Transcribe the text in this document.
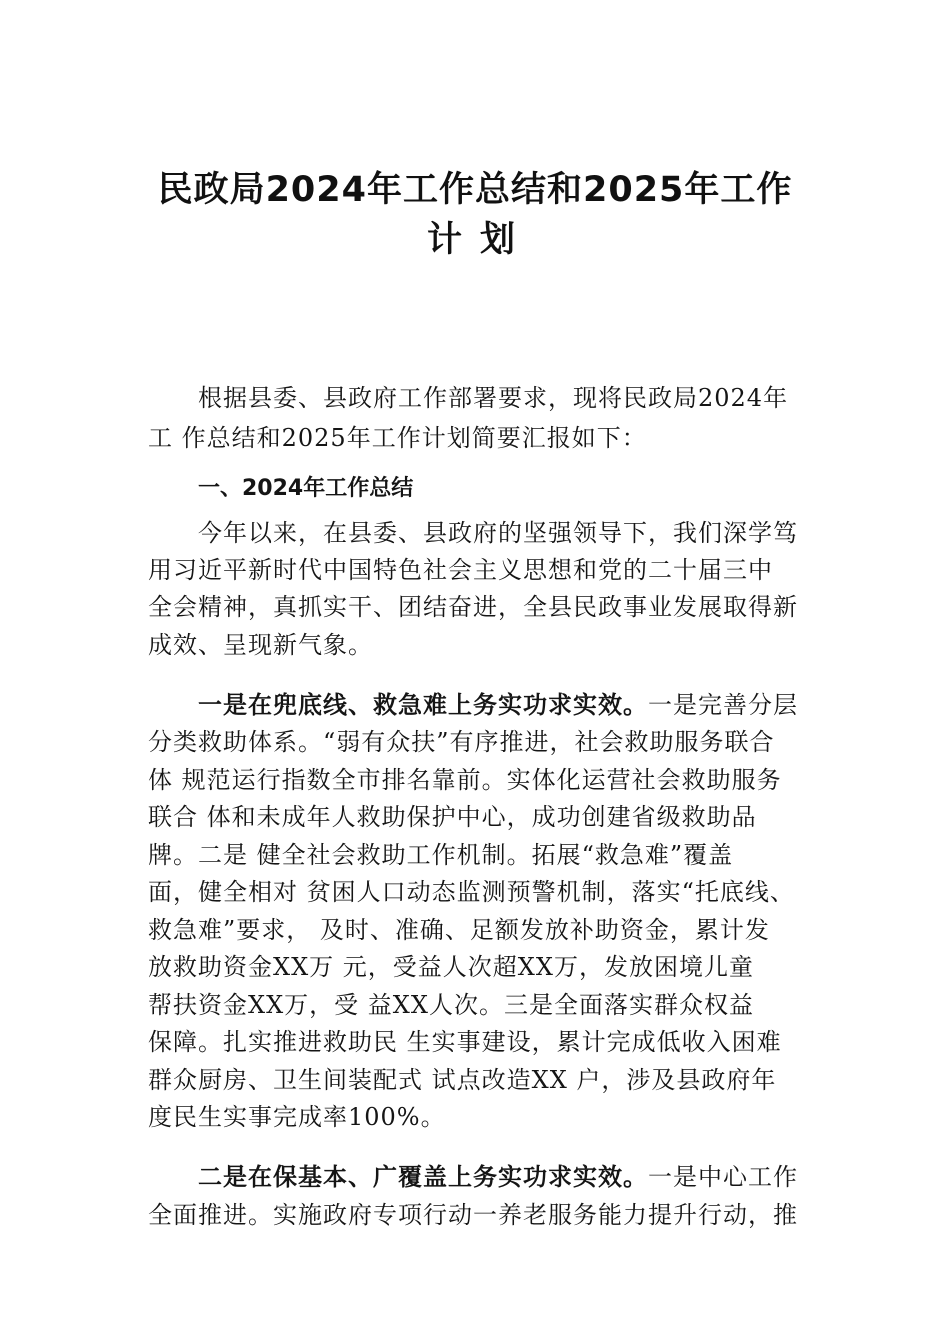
民政局2024年工作总结和2025年工作
计划
根据县委、县政府工作部署要求，现将民政局2024年
工 作总结和2025年工作计划简要汇报如下：
一、2024年工作总结
今年以来，在县委、县政府的坚强领导下，我们深学笃
用习近平新时代中国特色社会主义思想和党的二十届三中
全会精神，真抓实干、团结奋进，全县民政事业发展取得新
成效、呈现新气象。
一是在兜底线、救急难上务实功求实效。一是完善分层
分类救助体系。“弱有众扶”有序推进，社会救助服务联合
体 规范运行指数全市排名靠前。实体化运营社会救助服务
联合 体和未成年人救助保护中心，成功创建省级救助品
牌。二是 健全社会救助工作机制。拓展“救急难”覆盖
面，健全相对 贫困人口动态监测预警机制，落实“托底线、
救急难”要求， 及时、准确、足额发放补助资金，累计发
放救助资金XX万 元，受益人次超XX万，发放困境儿童
帮扶资金XX万，受 益XX人次。三是全面落实群众权益
保障。扎实推进救助民 生实事建设，累计完成低收入困难
群众厨房、卫生间装配式 试点改造XX 户，涉及县政府年
度民生实事完成率100%。
二是在保基本、广覆盖上务实功求实效。一是中心工作
全面推进。实施政府专项行动一养老服务能力提升行动，推
